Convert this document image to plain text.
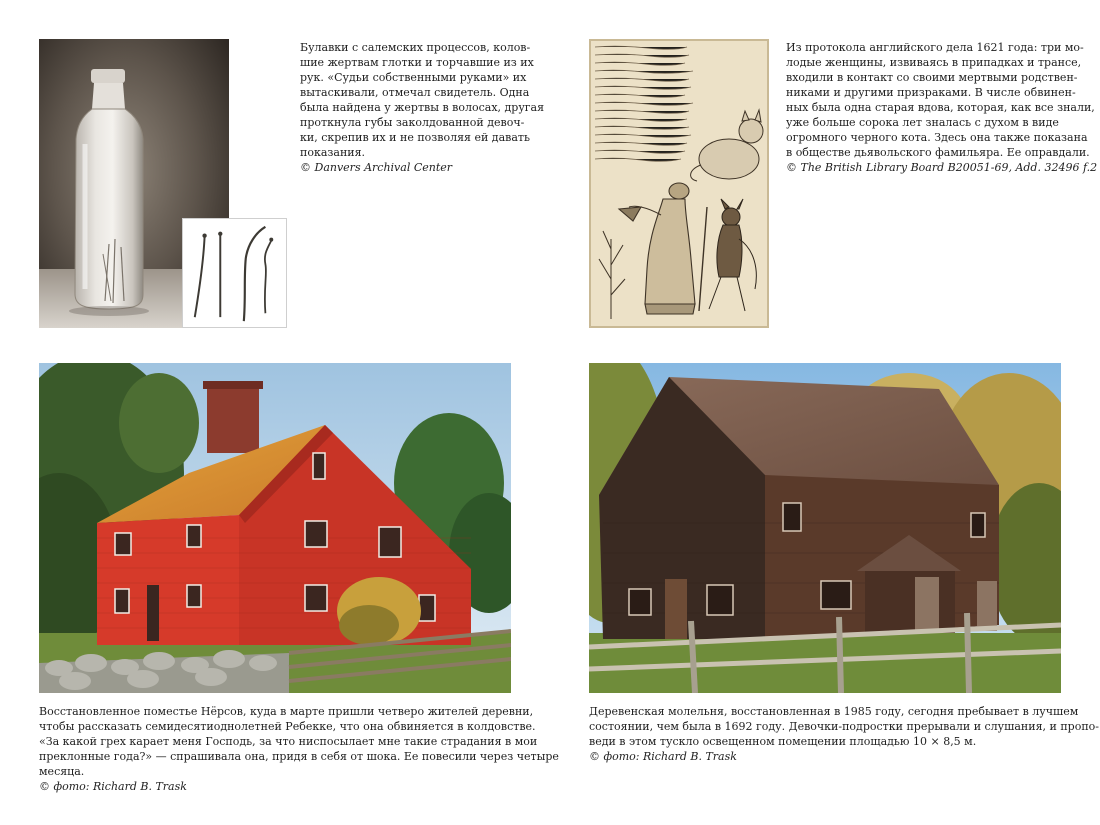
Булавки с салемских процессов, колов-
шие жертвам глотки и торчавшие из их
рук. «Судьи собственными руками» их
вытаскивали, отмечал свидетель. Одна
была найдена у жертвы в волосах, другая
проткнула губы заколдованной девоч-
ки, скрепив их и не позволяя ей давать
показания.
© Danvers Archival Center
Из протокола английского дела 1621 года: три мо-
лодые женщины, извиваясь в припадках и трансе,
входили в контакт со своими мертвыми родствен-
никами и другими призраками. В числе обвинен-
ных была одна старая вдова, которая, как все знали,
уже больше сорока лет зналась с духом в виде
огромного черного кота. Здесь она также показана
в обществе дьявольского фамильяра. Ее оправдали.
© The British Library Board B20051-69, Add. 32496 f.2
Восстановленное поместье Нёрсов, куда в марте пришли четверо жителей деревни,
чтобы рассказать семидесятиоднолетней Ребекке, что она обвиняется в колдовстве.
«За какой грех карает меня Господь, за что ниспосылает мне такие страдания в мои
преклонные года?» — спрашивала она, придя в себя от шока. Ее повесили через четыре
месяца.
© фото: Richard B. Trask
Деревенская молельня, восстановленная в 1985 году, сегодня пребывает в лучшем
состоянии, чем была в 1692 году. Девочки-подростки прерывали и слушания, и пропо-
веди в этом тускло освещенном помещении площадью 10 × 8,5 м.
© фото: Richard B. Trask
